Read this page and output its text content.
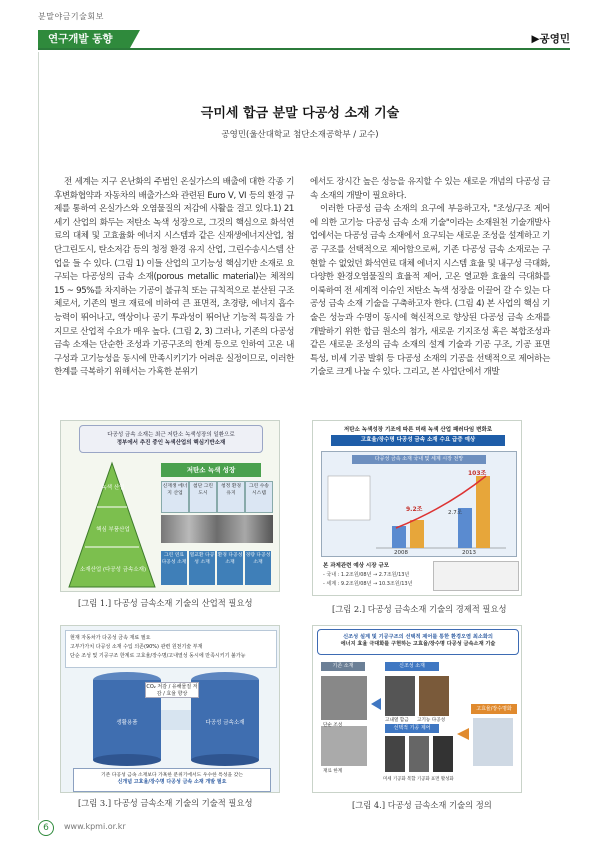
분말야금기술회보
연구개발 동향	▶공영민
극미세 합금 분말 다공성 소재 기술
공영민(울산대학교 첨단소재공학부 / 교수)

전 세계는 지구 온난화의 주범인 온실가스의 배출에 대한 각종 기후변화협약과 자동차의 배출가스와 관련된 Euro V, VI 등의 환경 규제를 통하여 온실가스와 오염물질의 저감에 사활을 걸고 있다.1) 21세기 산업의 화두는 저탄소 녹색 성장으로, 그것의 핵심으로 화석연료의 대체 및 고효율화 에너지 시스템과 같은 신재생에너지산업, 첨단그린도시, 탄소저감 등의 청정 환경 유지 산업, 그린수송시스템 산업을 들 수 있다. (그림 1) 이들 산업의 고기능성 핵심기반 소재로 요구되는 다공성의 금속 소재(porous metallic material)는 체적의 15 ~ 95%를 차지하는 기공이 불규칙 또는 규칙적으로 분산된 구조체로서, 기존의 벌크 재료에 비하여 큰 표면적, 초경량, 에너지 흡수 능력이 뛰어나고, 액상이나 공기 투과성이 뛰어난 기능적 특징을 가지므로 산업적 수요가 매우 높다. (그림 2, 3) 그러나, 기존의 다공성 금속 소재는 단순한 조성과 기공구조의 한계 등으로 인하여 고온 내구성과 고기능성을 동시에 만족시키기가 어려운 실정이므로, 이러한 한계를 극복하기 위해서는 가혹한 분위기

에서도 장시간 높은 성능을 유지할 수 있는 새로운 개념의 다공성 금속 소재의 개발이 필요하다.

이러한 다공성 금속 소재의 요구에 부응하고자, "조성/구조 제어에 의한 고기능 다공성 금속 소재 기술"이라는 소재원천 기술개발사업에서는 다공성 금속 소재에서 요구되는 새로운 조성을 설계하고 기공 구조를 선택적으로 제어함으로써, 기존 다공성 금속 소재로는 구현할 수 없었던 화석연료 대체 에너지 시스템 효율 및 내구성 극대화, 다양한 환경오염물질의 효율적 제어, 고온 열교환 효율의 극대화를 이룩하여 전 세계적 이슈인 저탄소 녹색 성장을 이끌어 갈 수 있는 다공성 금속 소재 기술을 구축하고자 한다. (그림 4) 본 사업의 핵심 기술은 성능과 수명이 동시에 혁신적으로 향상된 다공성 금속 소재를 개발하기 위한 합금 원소의 첨가, 새로운 기지조성 혹은 복합조성과 같은 새로운 조성의 금속 소재의 설계 기술과 기공 구조, 기공 표면 특성, 비세 기공 발휘 등 다공성 소재의 기공을 선택적으로 제어하는 기술로 크게 나눌 수 있다. 그리고, 본 사업단에서 개발

다공성 금속 소재는 최근 저탄소 녹색성장의 일환으로
정부에서 추진 중인 녹색산업의 핵심기반소재
저탄소 녹색 성장
녹색 산업
핵심 부품산업
소재산업 (다공성 금속소재)
신재생 에너지 산업
첨단 그린 도시
청정 환경 유지
그린 수송 시스템
그린 연료 다공성 소재
열교환 다공성 소재
환경 다공성 소재
경량 다공성 소재
[그림 1.] 다공성 금속소재 기술의 산업적 필요성
저탄소 녹색성장 기조에 따른 미래 녹색 산업 패러다임 변화로
고효율/장수명 다공성 금속 소재 수요 급증 예상
다공성 금속 소재 국내 및 세계 시장 전망
9.2조	2.7조
103조
2008	2013
본 과제관련 예상 시장 규모
- 국내 : 1.2조원/08년 → 2.7조원/13년
- 세계 : 9.2조원/08년 → 10.3조원/13년
[그림 2.] 다공성 금속소재 기술의 경제적 필요성
현재 자동차가 다공성 금속 재료 필요
고부가가치 다공성 소재 수입 의존(90%) 관련 원천기술 부재
단순 조성 및 기공구조 한계로 고효율/장수명/고내열성 동시에 만족시키기 불가능
CO₂ 저감 / 유해물질 저감 / 효율 향상
생활용품	다공성 금속소재
기존 다공성 금속 소재보다 가혹한 분위기에서도 우수한 특성을 갖는
신개념 고효율/장수명 다공성 금속 소재 개발 필요
[그림 3.] 다공성 금속소재 기술의 기술적 필요성
신조성 설계 및 기공구조의 선택적 제어를 통한 환경오염 최소화의
에너지 효율 극대화를 구현하는 고효율/장수명 다공성 금속소재 기술
기존 소재	신조성 소재
선택적 기공 제어
고효율/장수명화
단순 조성
재료 한계
고내열 합금 고기능 다공성
미세 기공화 복합 기공화 표면 활성화
[그림 4.] 다공성 금속소재 기술의 정의
6	www.kpmi.or.kr
